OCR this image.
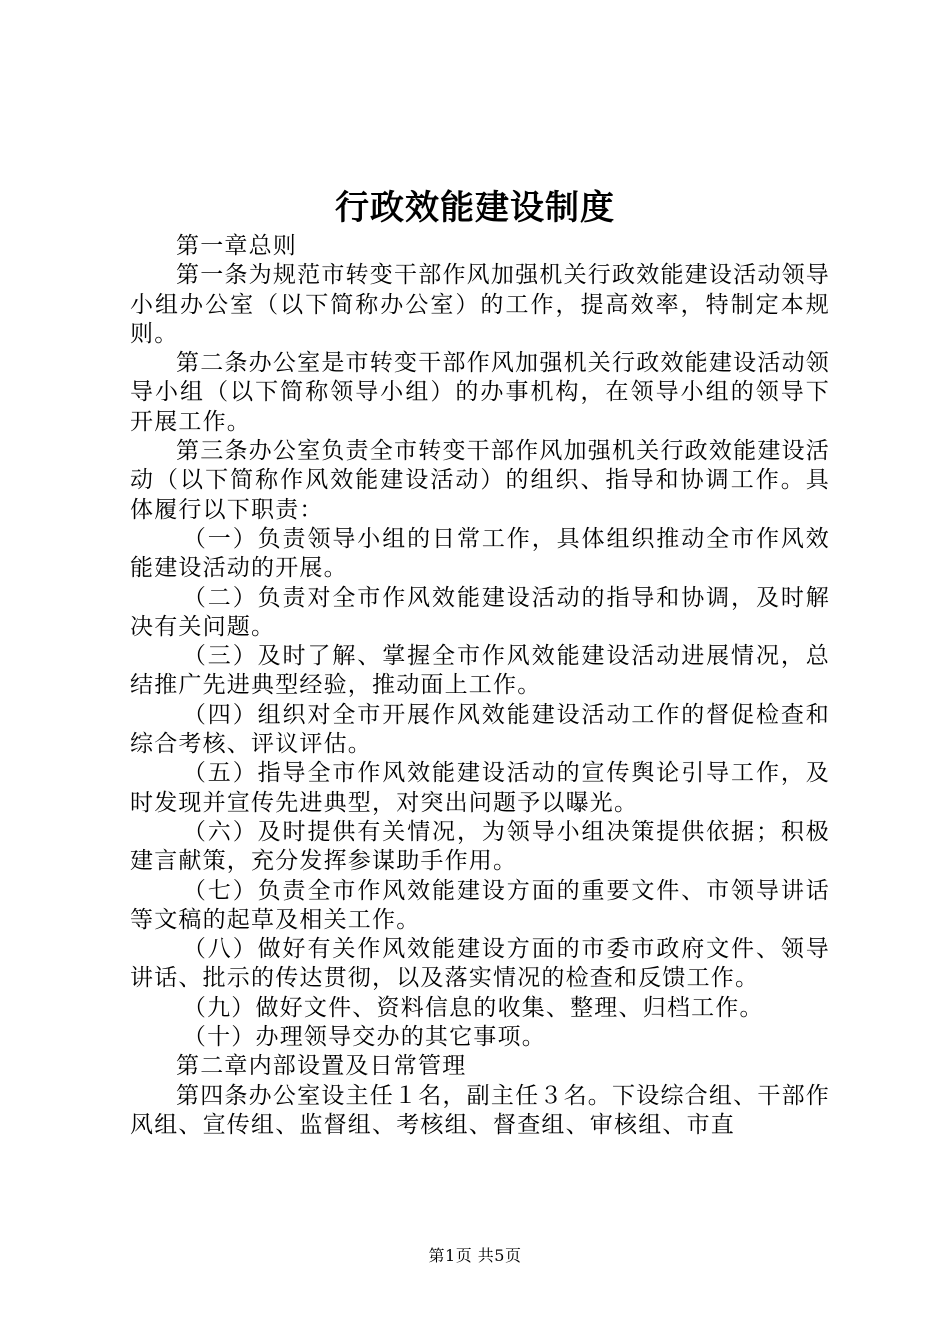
行政效能建设制度

第一章总则

第一条为规范市转变干部作风加强机关行政效能建设活动领导小组办公室（以下简称办公室）的工作，提高效率，特制定本规则。

第二条办公室是市转变干部作风加强机关行政效能建设活动领导小组（以下简称领导小组）的办事机构，在领导小组的领导下开展工作。

第三条办公室负责全市转变干部作风加强机关行政效能建设活动（以下简称作风效能建设活动）的组织、指导和协调工作。具体履行以下职责：

（一）负责领导小组的日常工作，具体组织推动全市作风效能建设活动的开展。

（二）负责对全市作风效能建设活动的指导和协调，及时解决有关问题。

（三）及时了解、掌握全市作风效能建设活动进展情况，总结推广先进典型经验，推动面上工作。

（四）组织对全市开展作风效能建设活动工作的督促检查和综合考核、评议评估。

（五）指导全市作风效能建设活动的宣传舆论引导工作，及时发现并宣传先进典型，对突出问题予以曝光。

（六）及时提供有关情况，为领导小组决策提供依据；积极建言献策，充分发挥参谋助手作用。

（七）负责全市作风效能建设方面的重要文件、市领导讲话等文稿的起草及相关工作。

（八）做好有关作风效能建设方面的市委市政府文件、领导讲话、批示的传达贯彻，以及落实情况的检查和反馈工作。

（九）做好文件、资料信息的收集、整理、归档工作。

（十）办理领导交办的其它事项。

第二章内部设置及日常管理

第四条办公室设主任１名，副主任３名。下设综合组、干部作风组、宣传组、监督组、考核组、督查组、审核组、市直

第1页 共5页
